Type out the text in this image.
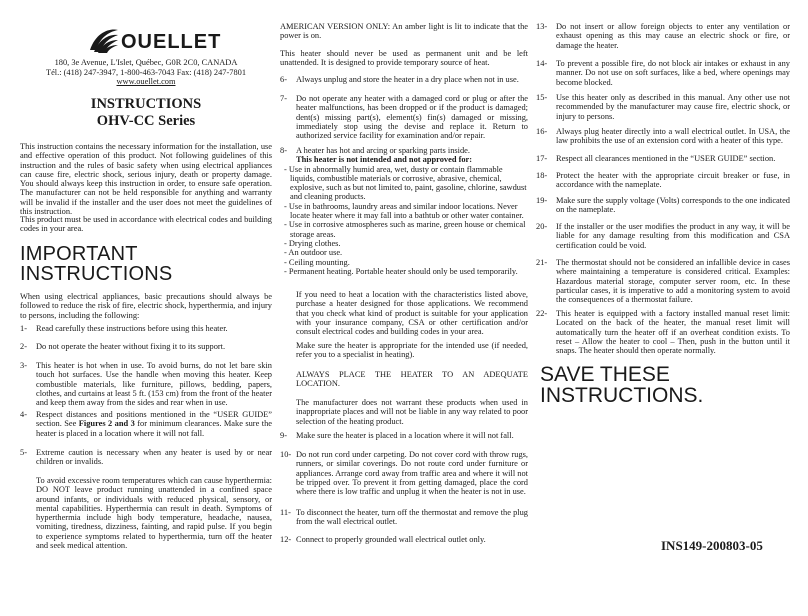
OUELLET
180, 3e Avenue, L'Islet, Québec, G0R 2C0, CANADA
Tél.: (418) 247-3947, 1-800-463-7043 Fax: (418) 247-7801
www.ouellet.com
INSTRUCTIONS
OHV-CC Series

This instruction contains the necessary information for the installation, use and effective operation of this product. Not following guidelines of this instruction and the rules of basic safety when using electrical appliances can cause fire, electric shock, serious injury, death or property damage. You should always keep this instruction in order, to ensure safe operation. The manufacturer can not be held responsible for anything and warranty will be invalid if the installer and the user does not meet the guidelines of this instruction.

This product must be used in accordance with electrical codes and building codes in your area.

IMPORTANT
INSTRUCTIONS

When using electrical appliances, basic precautions should always be followed to reduce the risk of fire, electric shock, hyperthermia, and injury to persons, including the following:

1- Read carefully these instructions before using this heater.

2- Do not operate the heater without fixing it to its support.

3- This heater is hot when in use. To avoid burns, do not let bare skin touch hot surfaces. Use the handle when moving this heater. Keep combustible materials, like furniture, pillows, bedding, papers, clothes, and curtains at least 5 ft. (153 cm) from the front of the heater and keep them away from the sides and rear when in use.

4- Respect distances and positions mentioned in the “USER GUIDE” section. See Figures 2 and 3 for minimum clearances. Make sure the heater is placed in a location where it will not fall.

5- Extreme caution is necessary when any heater is used by or near children or invalids.

To avoid excessive room temperatures which can cause hyperthermia: DO NOT leave product running unattended in a confined space around infants, or individuals with reduced physical, sensory, or mental capabilities. Hyperthermia can result in death. Symptoms of hyperthermia include high body temperature, headache, nausea, vomiting, tiredness, dizziness, fainting, and rapid pulse. If you begin to experience symptoms related to hyperthermia, turn off the heater and seek medical attention.

AMERICAN VERSION ONLY: An amber light is lit to indicate that the power is on.

This heater should never be used as permanent unit and be left unattended. It is designed to provide temporary source of heat.

6- Always unplug and store the heater in a dry place when not in use.

7- Do not operate any heater with a damaged cord or plug or after the heater malfunctions, has been dropped or if the product is damaged; dent(s) missing part(s), element(s) fin(s) damaged or missing, immediately stop using the devise and replace it. Return to authorized service facility for examination and/or repair.

8- A heater has hot and arcing or sparking parts inside.

This heater is not intended and not approved for:

- Use in abnormally humid area, wet, dusty or contain flammable liquids, combustible materials or corrosive, abrasive, chemical, explosive, such as but not limited to, paint, gasoline, chlorine, sawdust and cleaning products.
- Use in bathrooms, laundry areas and similar indoor locations. Never locate heater where it may fall into a bathtub or other water container.
- Use in corrosive atmospheres such as marine, green house or chemical storage areas.
- Drying clothes.
- An outdoor use.
- Ceiling mounting.
- Permanent heating. Portable heater should only be used temporarily.

If you need to heat a location with the characteristics listed above, purchase a heater designed for those applications. We recommend that you check what kind of product is suitable for your application with your insurance company, CSA or other certification and/or consult electrical codes and building codes in your area.

Make sure the heater is appropriate for the intended use (if needed, refer you to a specialist in heating).

ALWAYS PLACE THE HEATER TO AN ADEQUATE LOCATION.

The manufacturer does not warrant these products when used in inappropriate places and will not be liable in any way related to poor selection of the heating product.

9- Make sure the heater is placed in a location where it will not fall.

10- Do not run cord under carpeting. Do not cover cord with throw rugs, runners, or similar coverings. Do not route cord under furniture or appliances. Arrange cord away from traffic area and where it will not be tripped over. To prevent it from getting damaged, place the cord where there is low traffic and unplug it when the heater is not in use.

11- To disconnect the heater, turn off the thermostat and remove the plug from the wall electrical outlet.

12- Connect to properly grounded wall electrical outlet only.

13- Do not insert or allow foreign objects to enter any ventilation or exhaust opening as this may cause an electric shock or fire, or damage the heater.

14- To prevent a possible fire, do not block air intakes or exhaust in any manner. Do not use on soft surfaces, like a bed, where openings may become blocked.

15- Use this heater only as described in this manual. Any other use not recommended by the manufacturer may cause fire, electric shock, or injury to persons.

16- Always plug heater directly into a wall electrical outlet. In USA, the law prohibits the use of an extension cord with a heater of this type.

17- Respect all clearances mentioned in the “USER GUIDE” section.

18- Protect the heater with the appropriate circuit breaker or fuse, in accordance with the nameplate.

19- Make sure the supply voltage (Volts) corresponds to the one indicated on the nameplate.

20- If the installer or the user modifies the product in any way, it will be liable for any damage resulting from this modification and CSA certification could be void.

21- The thermostat should not be considered an infallible device in cases where maintaining a temperature is considered critical. Examples: Hazardous material storage, computer server room, etc. In these particular cases, it is imperative to add a monitoring system to avoid the consequences of a thermostat failure.

22- This heater is equipped with a factory installed manual reset limit: Located on the back of the heater, the manual reset limit will automatically turn the heater off if an overheat condition exists. To reset – Allow the heater to cool – Then, push in the button until it snaps. The heater should then operate normally.

SAVE THESE
INSTRUCTIONS.
INS149-200803-05
